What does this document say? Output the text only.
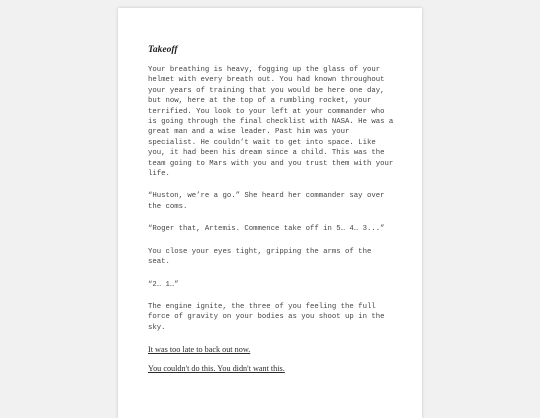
Takeoff

Your breathing is heavy, fogging up the glass of your helmet with every breath out. You had known throughout your years of training that you would be here one day, but now, here at the top of a rumbling rocket, your terrified. You look to your left at your commander who is going through the final checklist with NASA. He was a great man and a wise leader. Past him was your specialist. He couldn’t wait to get into space. Like you, it had been his dream since a child. This was the team going to Mars with you and you trust them with your life.

“Huston, we’re a go.” She heard her commander say over the coms.

“Roger that, Artemis. Commence take off in 5… 4… 3...”

You close your eyes tight, gripping the arms of the seat.

“2… 1…”

The engine ignite, the three of you feeling the full force of gravity on your bodies as you shoot up in the sky.

It was too late to back out now.
You couldn't do this. You didn't want this.
